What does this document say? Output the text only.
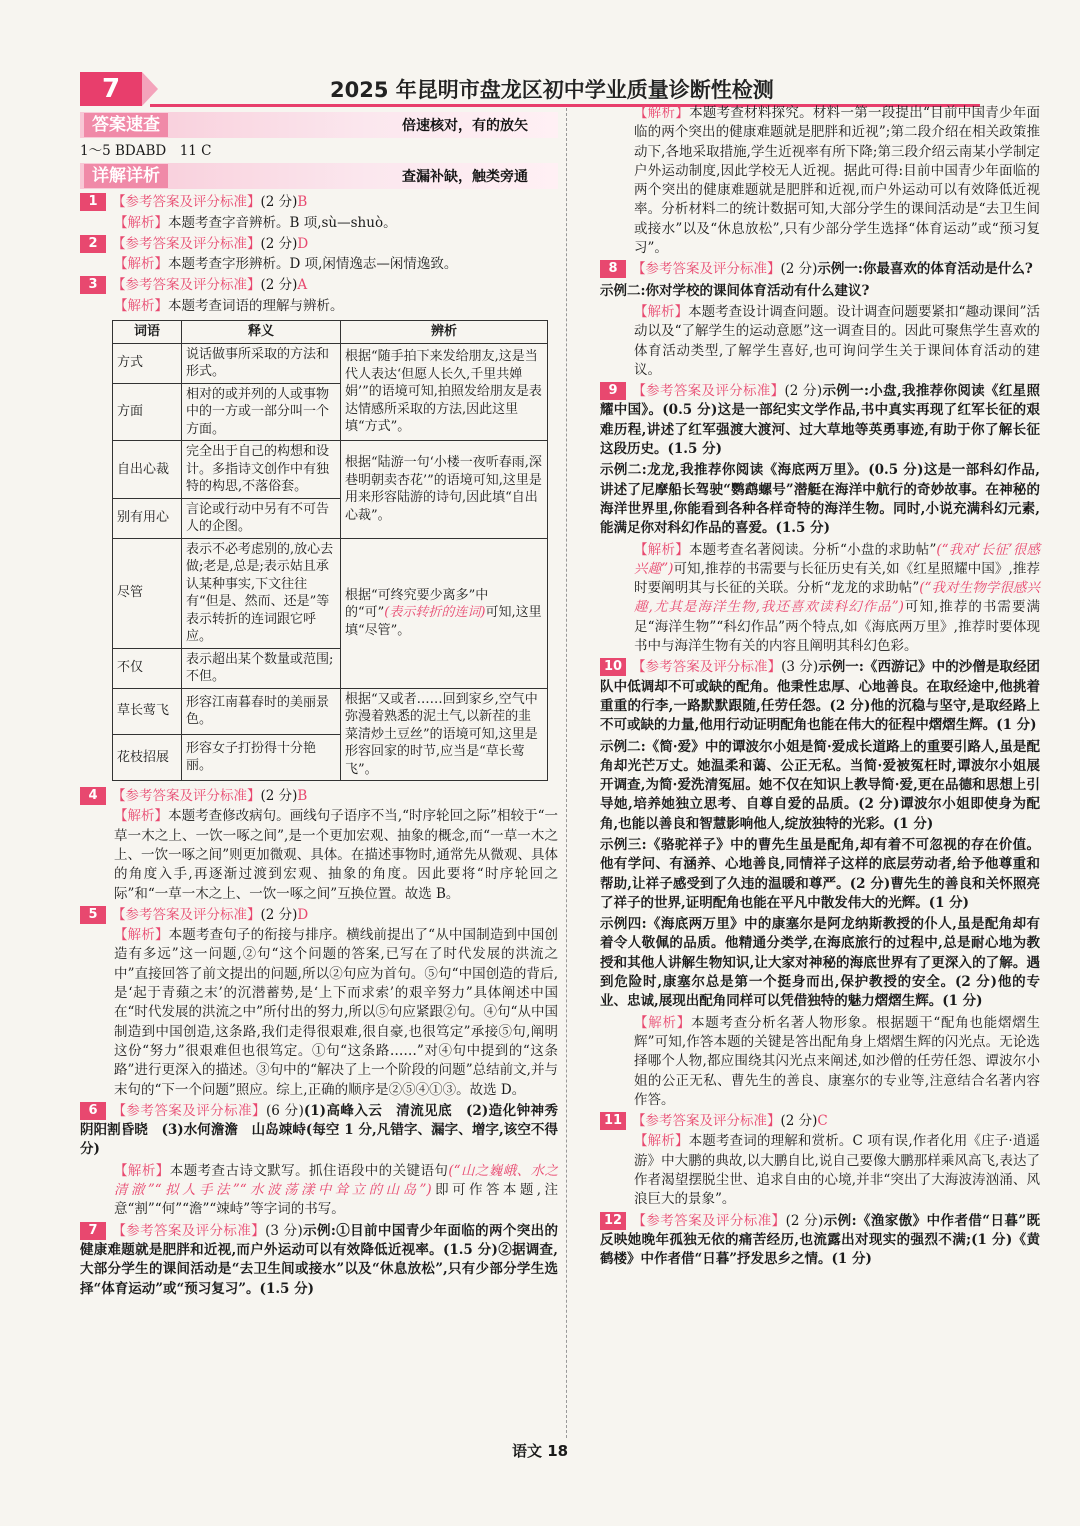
7	2025 年昆明市盘龙区初中学业质量诊断性检测
答案速查	倍速核对，有的放矢
1～5 BDABD　11 C
详解详析	查漏补缺，触类旁通
1 【参考答案及评分标准】(2 分)B
【解析】本题考查字音辨析。B 项,sù—shuò。
2 【参考答案及评分标准】(2 分)D
【解析】本题考查字形辨析。D 项,闲情逸志—闲情逸致。
3 【参考答案及评分标准】(2 分)A
【解析】本题考查词语的理解与辨析。
词语	释义	辨析
方式	说话做事所采取的方法和形式。	根据“随手拍下来发给朋友,这是当代人表达‘但愿人长久,千里共婵娟’”的语境可知,拍照发给朋友是表达情感所采取的方法,因此这里填“方式”。
方面	相对的或并列的人或事物中的一方或一部分叫一个方面。	
自出心裁	完全出于自己的构想和设计。多指诗文创作中有独特的构思,不落俗套。	根据“陆游一句‘小楼一夜听春雨,深巷明朝卖杏花’”的语境可知,这里是用来形容陆游的诗句,因此填“自出心裁”。
别有用心	言论或行动中另有不可告人的企图。	
尽管	表示不必考虑别的,放心去做;老是,总是;表示姑且承认某种事实,下文往往有“但是、然而、还是”等表示转折的连词跟它呼应。	根据“可终究要少离多”中的“可”(表示转折的连词)可知,这里填“尽管”。
不仅	表示超出某个数量或范围;不但。	
草长莺飞	形容江南暮春时的美丽景色。	根据“又或者……回到家乡,空气中弥漫着熟悉的泥土气,以新茬的韭菜清炒土豆丝”的语境可知,这里是形容回家的时节,应当是“草长莺飞”。
花枝招展	形容女子打扮得十分艳丽。	
4 【参考答案及评分标准】(2 分)B
【解析】本题考查修改病句。画线句子语序不当,“时序轮回之际”相较于“一草一木之上、一饮一啄之间”,是一个更加宏观、抽象的概念,而“一草一木之上、一饮一啄之间”则更加微观、具体。在描述事物时,通常先从微观、具体的角度入手,再逐渐过渡到宏观、抽象的角度。因此要将“时序轮回之际”和“一草一木之上、一饮一啄之间”互换位置。故选 B。
5 【参考答案及评分标准】(2 分)D
【解析】本题考查句子的衔接与排序。横线前提出了“从中国制造到中国创造有多远”这一问题,②句“这个问题的答案,已写在了时代发展的洪流之中”直接回答了前文提出的问题,所以②句应为首句。⑤句“中国创造的背后,是‘起于青蘋之末’的沉潜蓄势,是‘上下而求索’的艰辛努力”具体阐述中国在“时代发展的洪流之中”所付出的努力,所以⑤句应紧跟②句。④句“从中国制造到中国创造,这条路,我们走得很艰难,很自豪,也很笃定”承接⑤句,阐明这份“努力”很艰难但也很笃定。①句“这条路……”对④句中提到的“这条路”进行更深入的描述。③句中的“解决了上一个阶段的问题”总结前文,并与末句的“下一个问题”照应。综上,正确的顺序是②⑤④①③。故选 D。
6 【参考答案及评分标准】(6 分)(1)高峰入云　清流见底　(2)造化钟神秀　阴阳割昏晓　(3)水何澹澹　山岛竦峙(每空 1 分,凡错字、漏字、增字,该空不得分)
【解析】本题考查古诗文默写。抓住语段中的关键语句(“山之巍峨、水之清澈”“拟人手法”“水波荡漾中耸立的山岛”)即可作答本题,注意“割”“何”“澹”“竦峙”等字词的书写。
7 【参考答案及评分标准】(3 分)示例:①目前中国青少年面临的两个突出的健康难题就是肥胖和近视,而户外运动可以有效降低近视率。(1.5 分)②据调查,大部分学生的课间活动是“去卫生间或接水”以及“休息放松”,只有少部分学生选择“体育运动”或“预习复习”。(1.5 分)
【解析】本题考查材料探究。材料一第一段提出“目前中国青少年面临的两个突出的健康难题就是肥胖和近视”;第二段介绍在相关政策推动下,各地采取措施,学生近视率有所下降;第三段介绍云南某小学制定户外运动制度,因此学校无人近视。据此可得:目前中国青少年面临的两个突出的健康难题就是肥胖和近视,而户外运动可以有效降低近视率。分析材料二的统计数据可知,大部分学生的课间活动是“去卫生间或接水”以及“休息放松”,只有少部分学生选择“体育运动”或“预习复习”。
8 【参考答案及评分标准】(2 分)示例一:你最喜欢的体育活动是什么?
示例二:你对学校的课间体育活动有什么建议?
【解析】本题考查设计调查问题。设计调查问题要紧扣“趣动课间”活动以及“了解学生的运动意愿”这一调查目的。因此可聚焦学生喜欢的体育活动类型,了解学生喜好,也可询问学生关于课间体育活动的建议。
9 【参考答案及评分标准】(2 分)示例一:小盘,我推荐你阅读《红星照耀中国》。(0.5 分)这是一部纪实文学作品,书中真实再现了红军长征的艰难历程,讲述了红军强渡大渡河、过大草地等英勇事迹,有助于你了解长征这段历史。(1.5 分)
示例二:龙龙,我推荐你阅读《海底两万里》。(0.5 分)这是一部科幻作品,讲述了尼摩船长驾驶“鹦鹉螺号”潜艇在海洋中航行的奇妙故事。在神秘的海洋世界里,你能看到各种各样奇特的海洋生物。同时,小说充满科幻元素,能满足你对科幻作品的喜爱。(1.5 分)
【解析】本题考查名著阅读。分析“小盘的求助帖”(“我对‘长征’很感兴趣”)可知,推荐的书需要与长征历史有关,如《红星照耀中国》,推荐时要阐明其与长征的关联。分析“龙龙的求助帖”(“我对生物学很感兴趣,尤其是海洋生物,我还喜欢读科幻作品”)可知,推荐的书需要满足“海洋生物”“科幻作品”两个特点,如《海底两万里》,推荐时要体现书中与海洋生物有关的内容且阐明其科幻色彩。
10 【参考答案及评分标准】(3 分)示例一:《西游记》中的沙僧是取经团队中低调却不可或缺的配角。他秉性忠厚、心地善良。在取经途中,他挑着重重的行李,一路默默跟随,任劳任怨。(2 分)他的沉稳与坚守,是取经路上不可或缺的力量,他用行动证明配角也能在伟大的征程中熠熠生辉。(1 分)
示例二:《简·爱》中的谭波尔小姐是简·爱成长道路上的重要引路人,虽是配角却光芒万丈。她温柔和蔼、公正无私。当简·爱被冤枉时,谭波尔小姐展开调查,为简·爱洗清冤屈。她不仅在知识上教导简·爱,更在品德和思想上引导她,培养她独立思考、自尊自爱的品质。(2 分)谭波尔小姐即使身为配角,也能以善良和智慧影响他人,绽放独特的光彩。(1 分)
示例三:《骆驼祥子》中的曹先生虽是配角,却有着不可忽视的存在价值。他有学问、有涵养、心地善良,同情祥子这样的底层劳动者,给予他尊重和帮助,让祥子感受到了久违的温暖和尊严。(2 分)曹先生的善良和关怀照亮了祥子的世界,证明配角也能在平凡中散发伟大的光辉。(1 分)
示例四:《海底两万里》中的康塞尔是阿龙纳斯教授的仆人,虽是配角却有着令人敬佩的品质。他精通分类学,在海底旅行的过程中,总是耐心地为教授和其他人讲解生物知识,让大家对神秘的海底世界有了更深入的了解。遇到危险时,康塞尔总是第一个挺身而出,保护教授的安全。(2 分)他的专业、忠诚,展现出配角同样可以凭借独特的魅力熠熠生辉。(1 分)
【解析】本题考查分析名著人物形象。根据题干“配角也能熠熠生辉”可知,作答本题的关键是答出配角身上熠熠生辉的闪光点。无论选择哪个人物,都应围绕其闪光点来阐述,如沙僧的任劳任怨、谭波尔小姐的公正无私、曹先生的善良、康塞尔的专业等,注意结合名著内容作答。
11 【参考答案及评分标准】(2 分)C
【解析】本题考查词的理解和赏析。C 项有误,作者化用《庄子·逍遥游》中大鹏的典故,以大鹏自比,说自己要像大鹏那样乘风高飞,表达了作者渴望摆脱尘世、追求自由的心境,并非“突出了大海波涛汹涌、风浪巨大的景象”。
12 【参考答案及评分标准】(2 分)示例:《渔家傲》中作者借“日暮”既反映她晚年孤独无依的痛苦经历,也流露出对现实的强烈不满;(1 分)《黄鹤楼》中作者借“日暮”抒发思乡之情。(1 分)
语文 18
